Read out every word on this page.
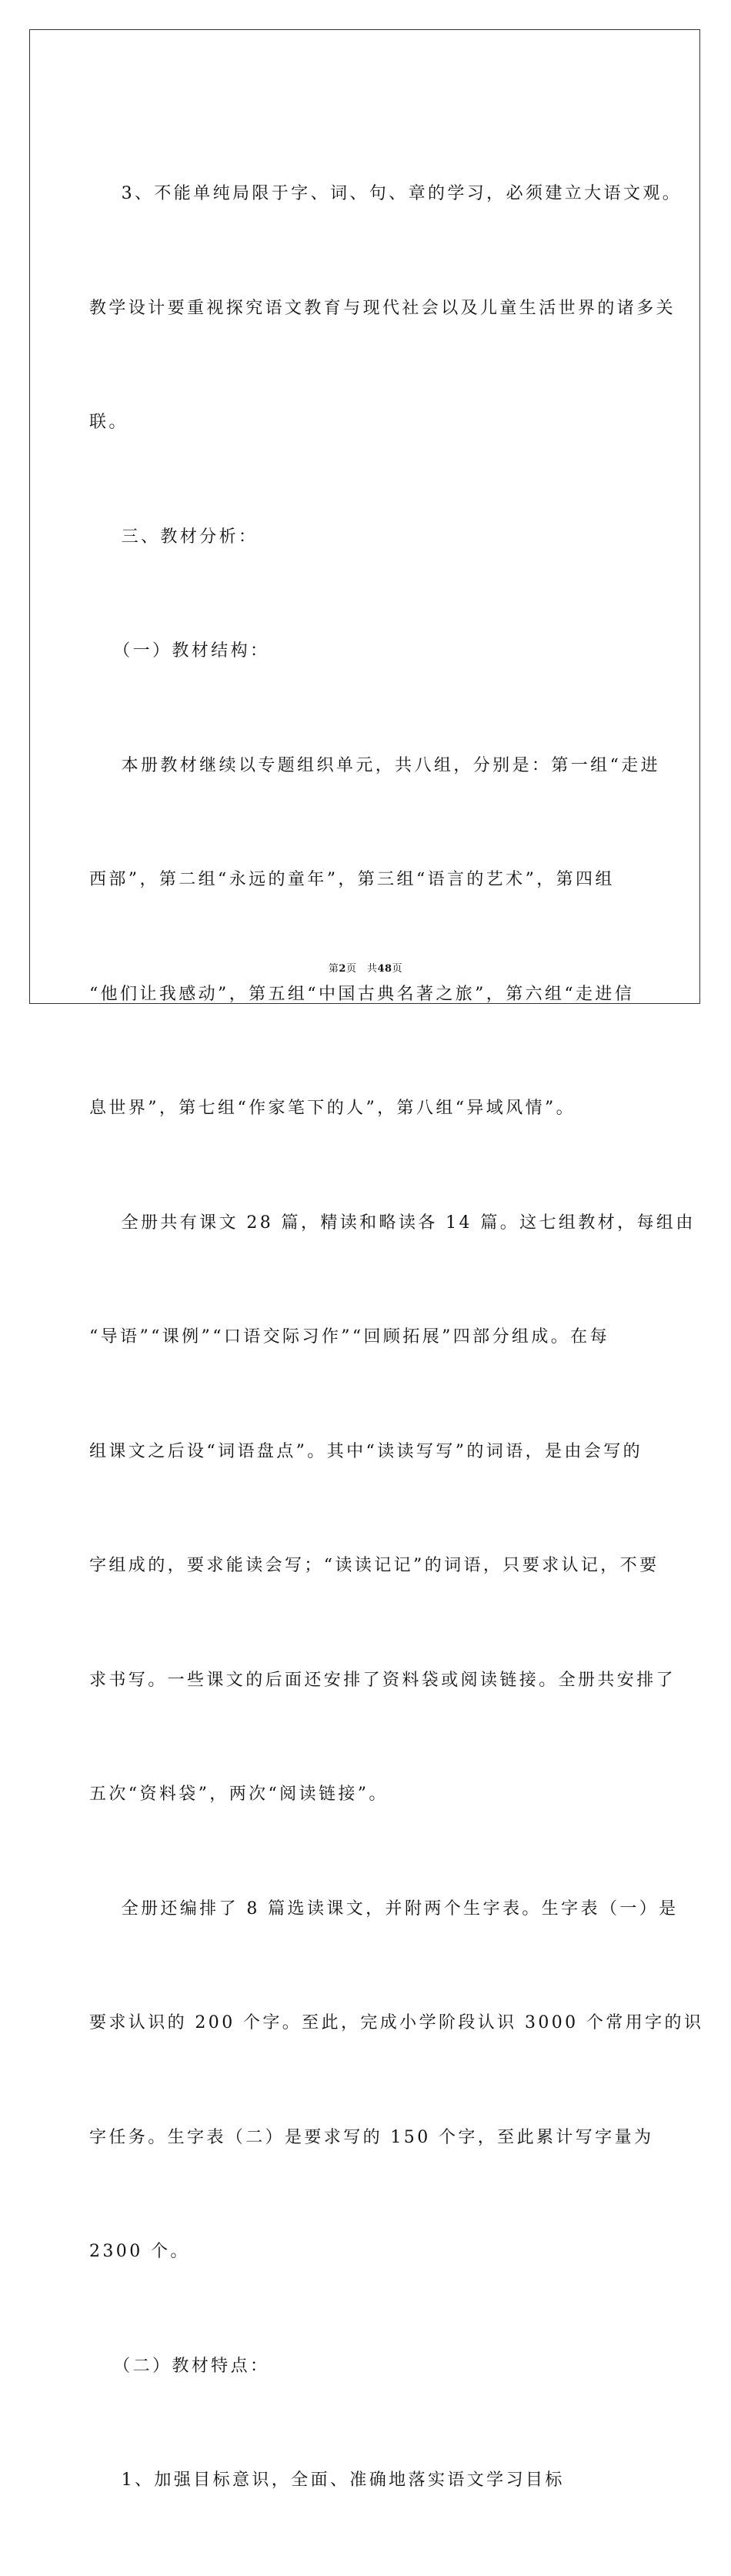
3、不能单纯局限于字、词、句、章的学习，必须建立大语文观。

教学设计要重视探究语文教育与现代社会以及儿童生活世界的诸多关

联。

三、教材分析：

（一）教材结构：

本册教材继续以专题组织单元，共八组，分别是：第一组“走进

西部”，第二组“永远的童年”，第三组“语言的艺术”，第四组

“他们让我感动”，第五组“中国古典名著之旅”，第六组“走进信

息世界”，第七组“作家笔下的人”，第八组“异域风情”。

全册共有课文 28 篇，精读和略读各 14 篇。这七组教材，每组由

“导语”“课例”“口语交际习作”“回顾拓展”四部分组成。在每

组课文之后设“词语盘点”。其中“读读写写”的词语，是由会写的

字组成的，要求能读会写；“读读记记”的词语，只要求认记，不要

求书写。一些课文的后面还安排了资料袋或阅读链接。全册共安排了

五次“资料袋”，两次“阅读链接”。

全册还编排了 8 篇选读课文，并附两个生字表。生字表（一）是

要求认识的 200 个字。至此，完成小学阶段认识 3000 个常用字的识

字任务。生字表（二）是要求写的 150 个字，至此累计写字量为

2300 个。

（二）教材特点：

1、加强目标意识，全面、准确地落实语文学习目标

第2页　共48页
